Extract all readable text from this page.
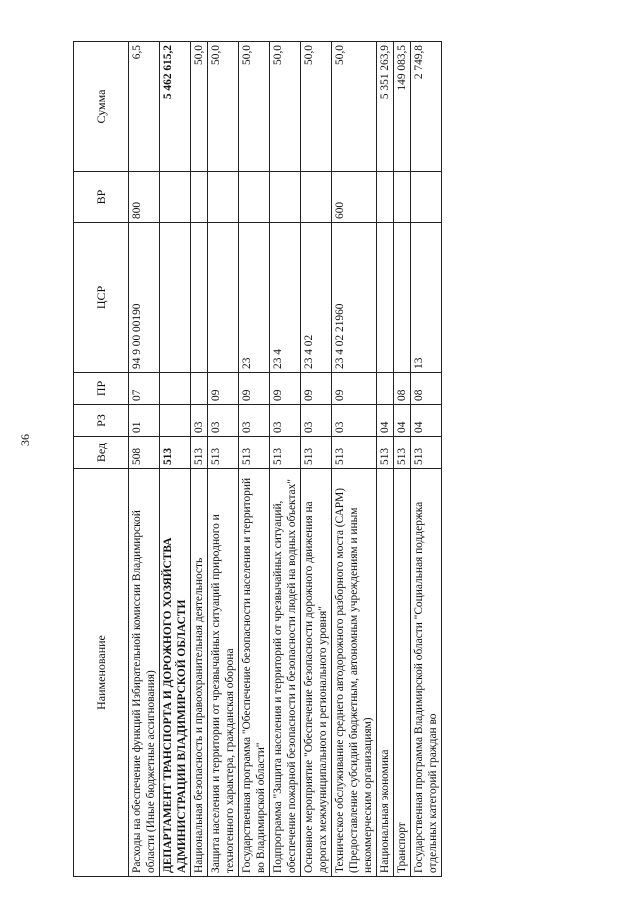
36
Наименование	Вед	РЗ	ПР	ЦСР	ВР	Сумма
Расходы на обеспечение функций Избирательной комиссии Владимирской области (Иные бюджетные ассигнования)	508	01	07	94 9 00 00190	800	6,5
ДЕПАРТАМЕНТ ТРАНСПОРТА И ДОРОЖНОГО ХОЗЯЙСТВА АДМИНИСТРАЦИИ ВЛАДИМИРСКОЙ ОБЛАСТИ	513					5 462 615,2
Национальная безопасность и правоохранительная деятельность	513	03				50,0
Защита населения и территории от чрезвычайных ситуаций природного и техногенного характера, гражданская оборона	513	03	09			50,0
Государственная программа "Обеспечение безопасности населения и территорий во Владимирской области"	513	03	09	23		50,0
Подпрограмма "Защита населения и территорий от чрезвычайных ситуаций, обеспечение пожарной безопасности и безопасности людей на водных объектах"	513	03	09	23 4		50,0
Основное мероприятие "Обеспечение безопасности дорожного движения на дорогах межмуниципального и регионального уровня"	513	03	09	23 4 02		50,0
Техническое обслуживание среднего автодорожного разборного моста (САРМ) (Предоставление субсидий бюджетным, автономным учреждениям и иным некоммерческим организациям)	513	03	09	23 4 02 21960	600	50,0
Национальная экономика	513	04				5 351 263,9
Транспорт	513	04	08			149 083,5
Государственная программа Владимирской области "Социальная поддержка отдельных категорий граждан во	513	04	08	13		2 749,8
